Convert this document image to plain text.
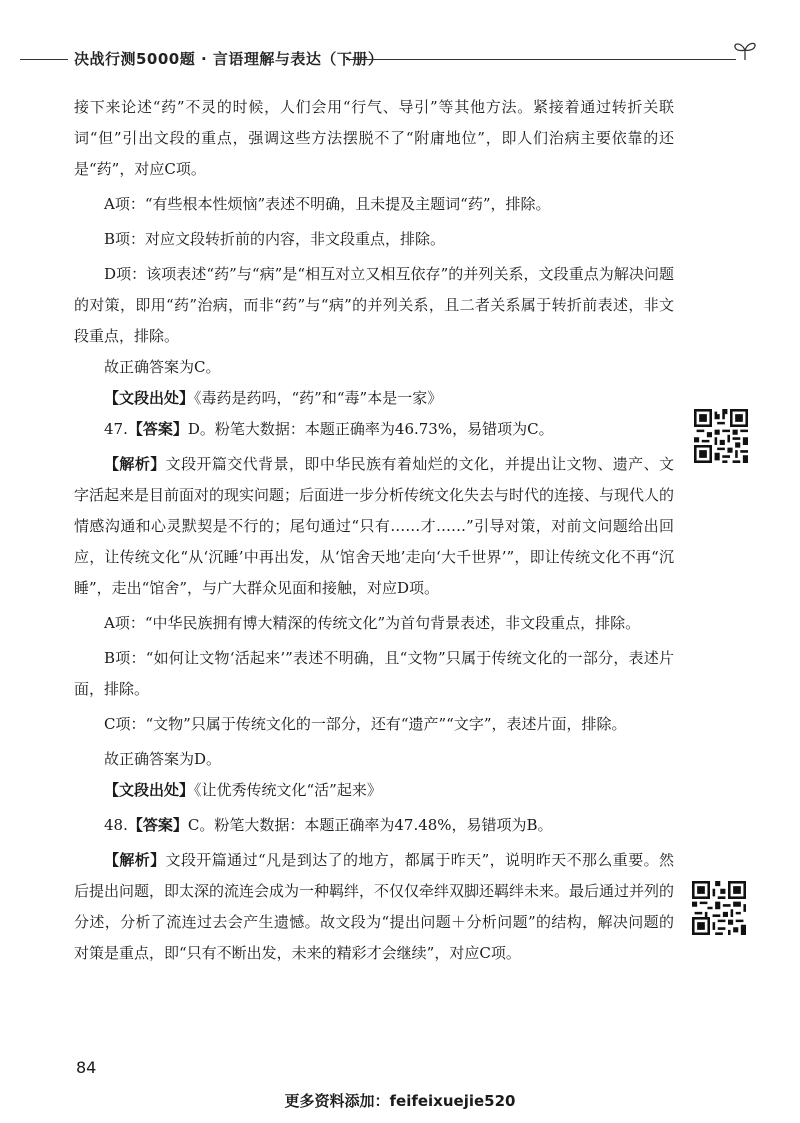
决战行测5000题 · 言语理解与表达（下册）

接下来论述“药”不灵的时候，人们会用“行气、导引”等其他方法。紧接着通过转折关联词“但”引出文段的重点，强调这些方法摆脱不了“附庸地位”，即人们治病主要依靠的还是“药”，对应C项。

A项：“有些根本性烦恼”表述不明确，且未提及主题词“药”，排除。

B项：对应文段转折前的内容，非文段重点，排除。

D项：该项表述“药”与“病”是“相互对立又相互依存”的并列关系，文段重点为解决问题的对策，即用“药”治病，而非“药”与“病”的并列关系，且二者关系属于转折前表述，非文段重点，排除。

故正确答案为C。

【文段出处】《毒药是药吗，“药”和“毒”本是一家》

47.【答案】D。粉笔大数据：本题正确率为46.73%，易错项为C。

【解析】文段开篇交代背景，即中华民族有着灿烂的文化，并提出让文物、遗产、文字活起来是目前面对的现实问题；后面进一步分析传统文化失去与时代的连接、与现代人的情感沟通和心灵默契是不行的；尾句通过“只有……才……”引导对策，对前文问题给出回应，让传统文化“从‘沉睡’中再出发，从‘馆舍天地’走向‘大千世界’”，即让传统文化不再“沉睡”，走出“馆舍”，与广大群众见面和接触，对应D项。

A项：“中华民族拥有博大精深的传统文化”为首句背景表述，非文段重点，排除。

B项：“如何让文物‘活起来’”表述不明确，且“文物”只属于传统文化的一部分，表述片面，排除。

C项：“文物”只属于传统文化的一部分，还有“遗产”“文字”，表述片面，排除。

故正确答案为D。

【文段出处】《让优秀传统文化“活”起来》

48.【答案】C。粉笔大数据：本题正确率为47.48%，易错项为B。

【解析】文段开篇通过“凡是到达了的地方，都属于昨天”，说明昨天不那么重要。然后提出问题，即太深的流连会成为一种羁绊，不仅仅牵绊双脚还羁绊未来。最后通过并列的分述，分析了流连过去会产生遗憾。故文段为“提出问题＋分析问题”的结构，解决问题的对策是重点，即“只有不断出发，未来的精彩才会继续”，对应C项。

84
更多资料添加：feifeixuejie520
